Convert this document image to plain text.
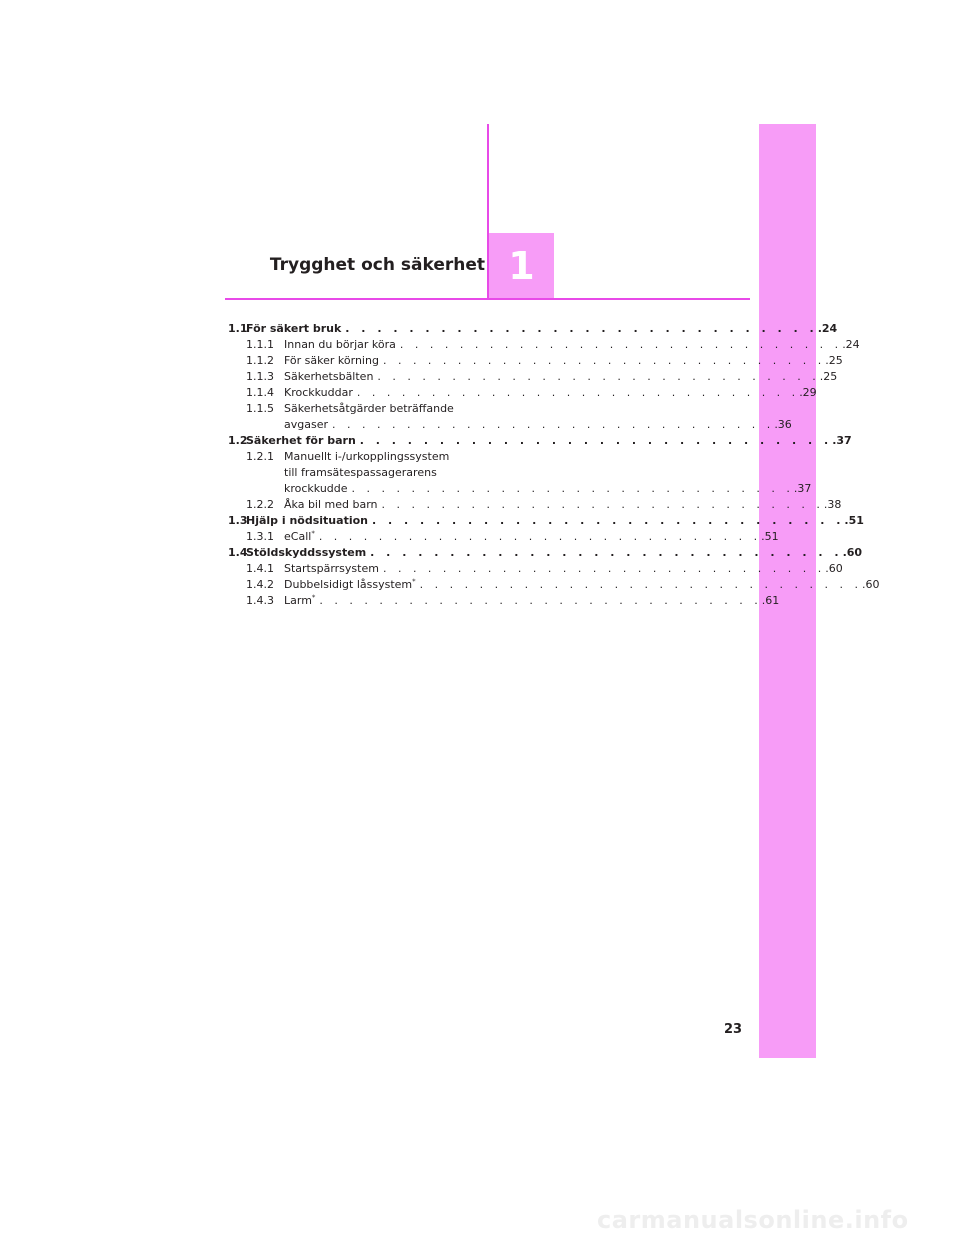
1
Trygghet och säkerhet
1.1
För säkert bruk . . . . . . . . . . . . . . . . . . . . . . . . . . . . . . .24
1.1.1 Innan du börjar köra . . . . . . . . . . . . . . . . . . . . . . . . . . . . . . .24
1.1.2 För säker körning . . . . . . . . . . . . . . . . . . . . . . . . . . . . . . .25
1.1.3 Säkerhetsbälten . . . . . . . . . . . . . . . . . . . . . . . . . . . . . . .25
1.1.4 Krockkuddar . . . . . . . . . . . . . . . . . . . . . . . . . . . . . . .29
1.1.5 Säkerhetsåtgärder beträffande
avgaser . . . . . . . . . . . . . . . . . . . . . . . . . . . . . . .36
1.2
Säkerhet för barn . . . . . . . . . . . . . . . . . . . . . . . . . . . . . . .37
1.2.1 Manuellt i-/urkopplingssystem
till framsätespassagerarens
krockkudde . . . . . . . . . . . . . . . . . . . . . . . . . . . . . . .37
1.2.2 Åka bil med barn . . . . . . . . . . . . . . . . . . . . . . . . . . . . . . .38
1.3
Hjälp i nödsituation . . . . . . . . . . . . . . . . . . . . . . . . . . . . . . .51
1.3.1 eCall* . . . . . . . . . . . . . . . . . . . . . . . . . . . . . . .51
1.4
Stöldskyddssystem . . . . . . . . . . . . . . . . . . . . . . . . . . . . . . .60
1.4.1 Startspärrsystem . . . . . . . . . . . . . . . . . . . . . . . . . . . . . . .60
1.4.2 Dubbelsidigt låssystem* . . . . . . . . . . . . . . . . . . . . . . . . . . . . . . .60
1.4.3 Larm* . . . . . . . . . . . . . . . . . . . . . . . . . . . . . . .61
23
carmanualsonline.info
